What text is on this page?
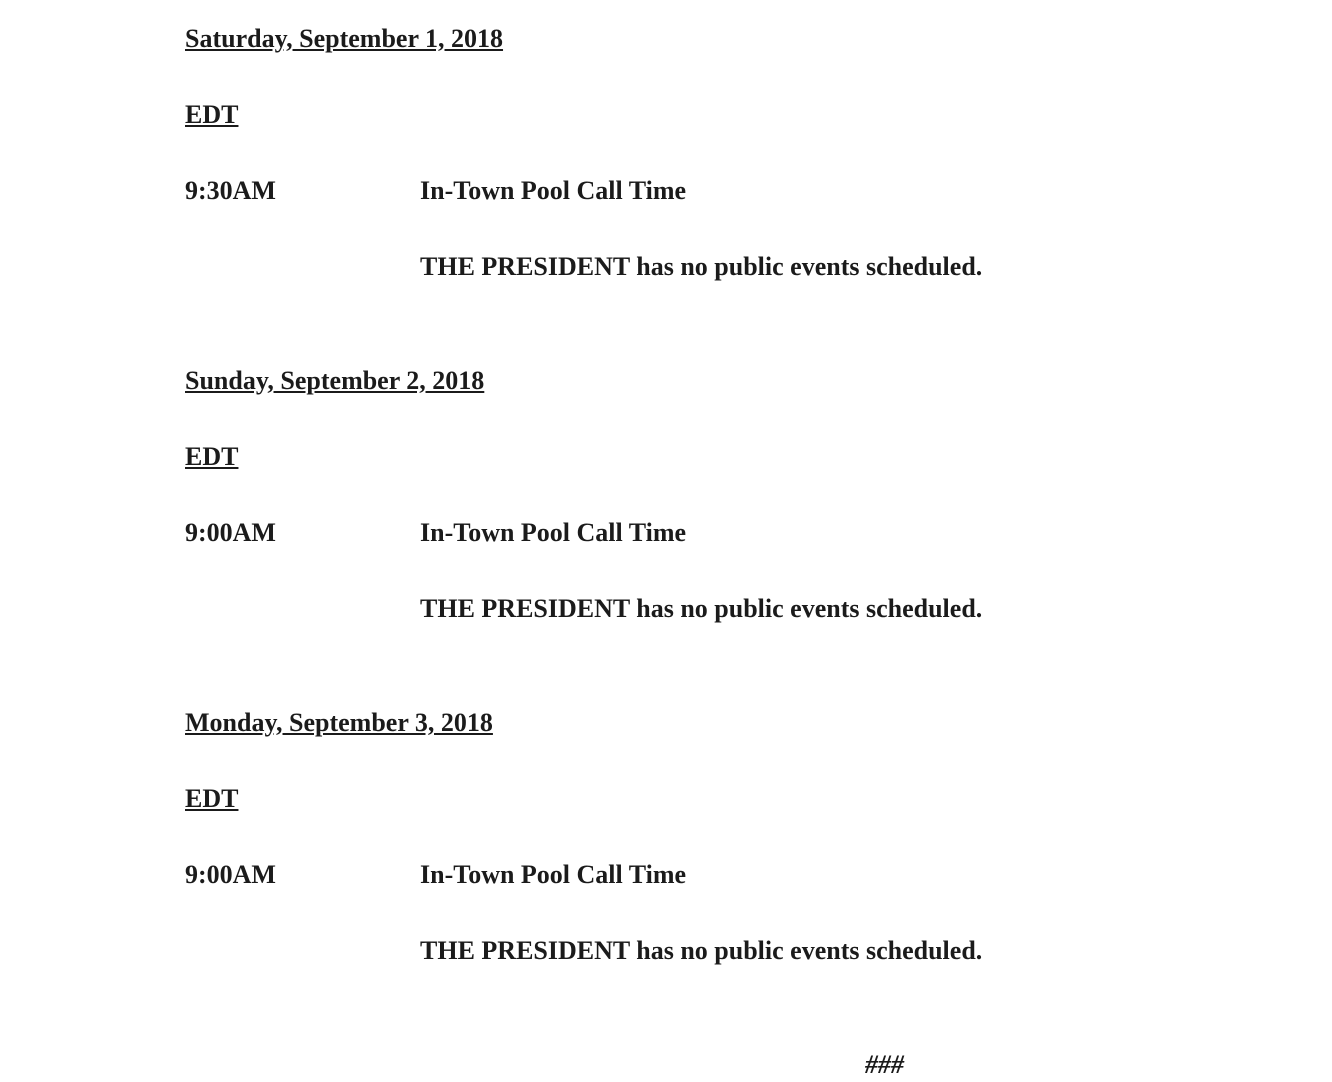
Saturday, September 1, 2018
EDT
9:30AM	In-Town Pool Call Time
THE PRESIDENT has no public events scheduled.
Sunday, September 2, 2018
EDT
9:00AM	In-Town Pool Call Time
THE PRESIDENT has no public events scheduled.
Monday, September 3, 2018
EDT
9:00AM	In-Town Pool Call Time
THE PRESIDENT has no public events scheduled.
###
